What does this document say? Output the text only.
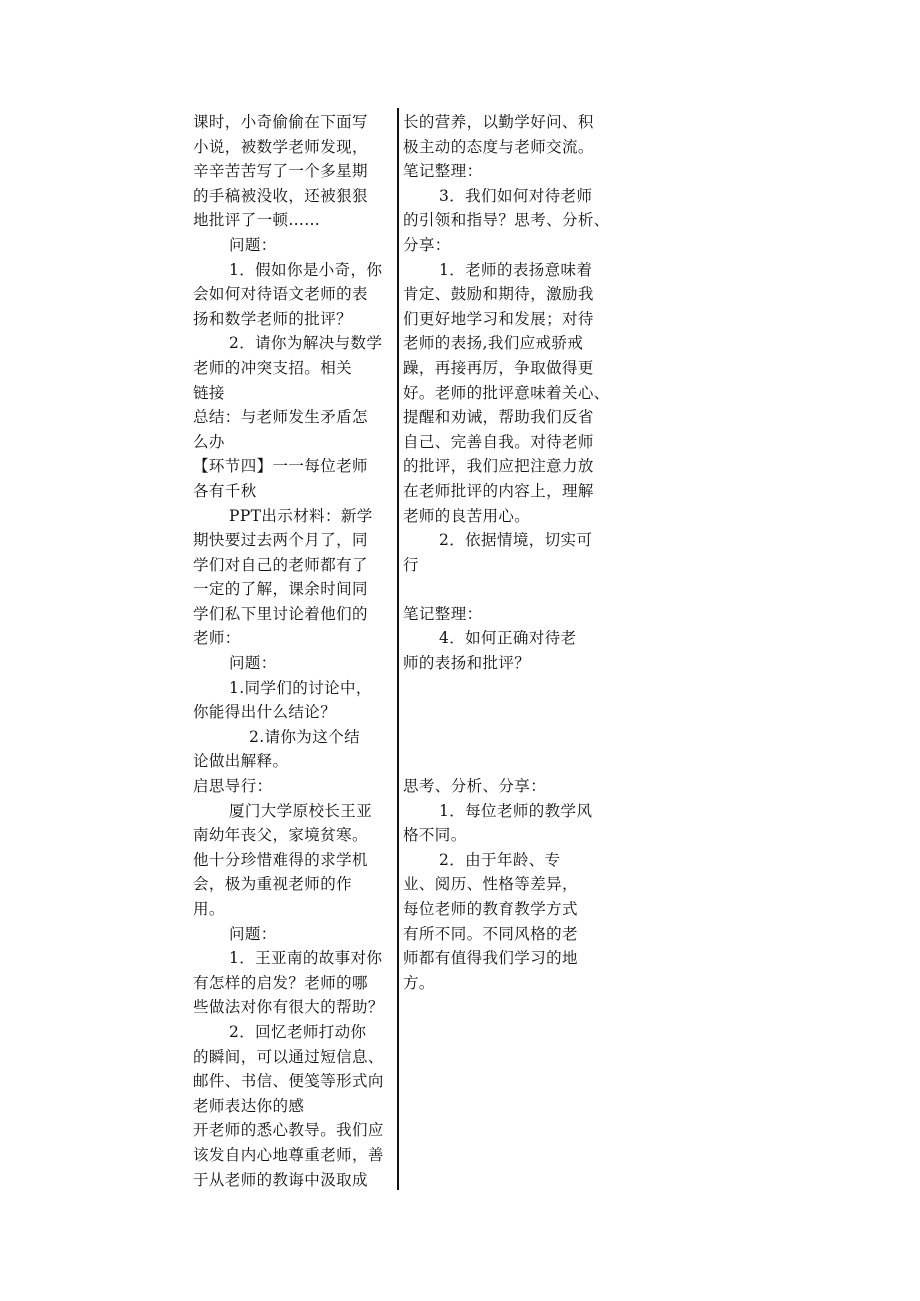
课时，小奇偷偷在下面写
小说，被数学老师发现，
辛辛苦苦写了一个多星期
的手稿被没收，还被狠狠
地批评了一顿……
问题：
1．假如你是小奇，你
会如何对待语文老师的表
扬和数学老师的批评？
2．请你为解决与数学
老师的冲突支招。相关
链接
总结：与老师发生矛盾怎
么办
【环节四】一一每位老师
各有千秋
PPT出示材料：新学
期快要过去两个月了，同
学们对自己的老师都有了
一定的了解，课余时间同
学们私下里讨论着他们的
老师：
问题：
1.同学们的讨论中，
你能得出什么结论？
2.请你为这个结
论做出解释。
启思导行：
厦门大学原校长王亚
南幼年丧父，家境贫寒。
他十分珍惜难得的求学机
会，极为重视老师的作
用。
问题：
1．王亚南的故事对你
有怎样的启发？老师的哪
些做法对你有很大的帮助？
2．回忆老师打动你
的瞬间，可以通过短信息、
邮件、书信、便笺等形式向
老师表达你的感
开老师的悉心教导。我们应
该发自内心地尊重老师，善
于从老师的教诲中汲取成
长的营养，以勤学好问、积
极主动的态度与老师交流。
笔记整理：
3．我们如何对待老师
的引领和指导？思考、分析、
分享：
1．老师的表扬意味着
肯定、鼓励和期待，激励我
们更好地学习和发展；对待
老师的表扬,我们应戒骄戒
躁，再接再厉，争取做得更
好。老师的批评意味着关心、
提醒和劝诫，帮助我们反省
自己、完善自我。对待老师
的批评，我们应把注意力放
在老师批评的内容上，理解
老师的良苦用心。
2．依据情境，切实可
行
笔记整理：
4．如何正确对待老
师的表扬和批评？
思考、分析、分享：
1．每位老师的教学风
格不同。
2．由于年龄、专
业、阅历、性格等差异，
每位老师的教育教学方式
有所不同。不同风格的老
师都有值得我们学习的地
方。
